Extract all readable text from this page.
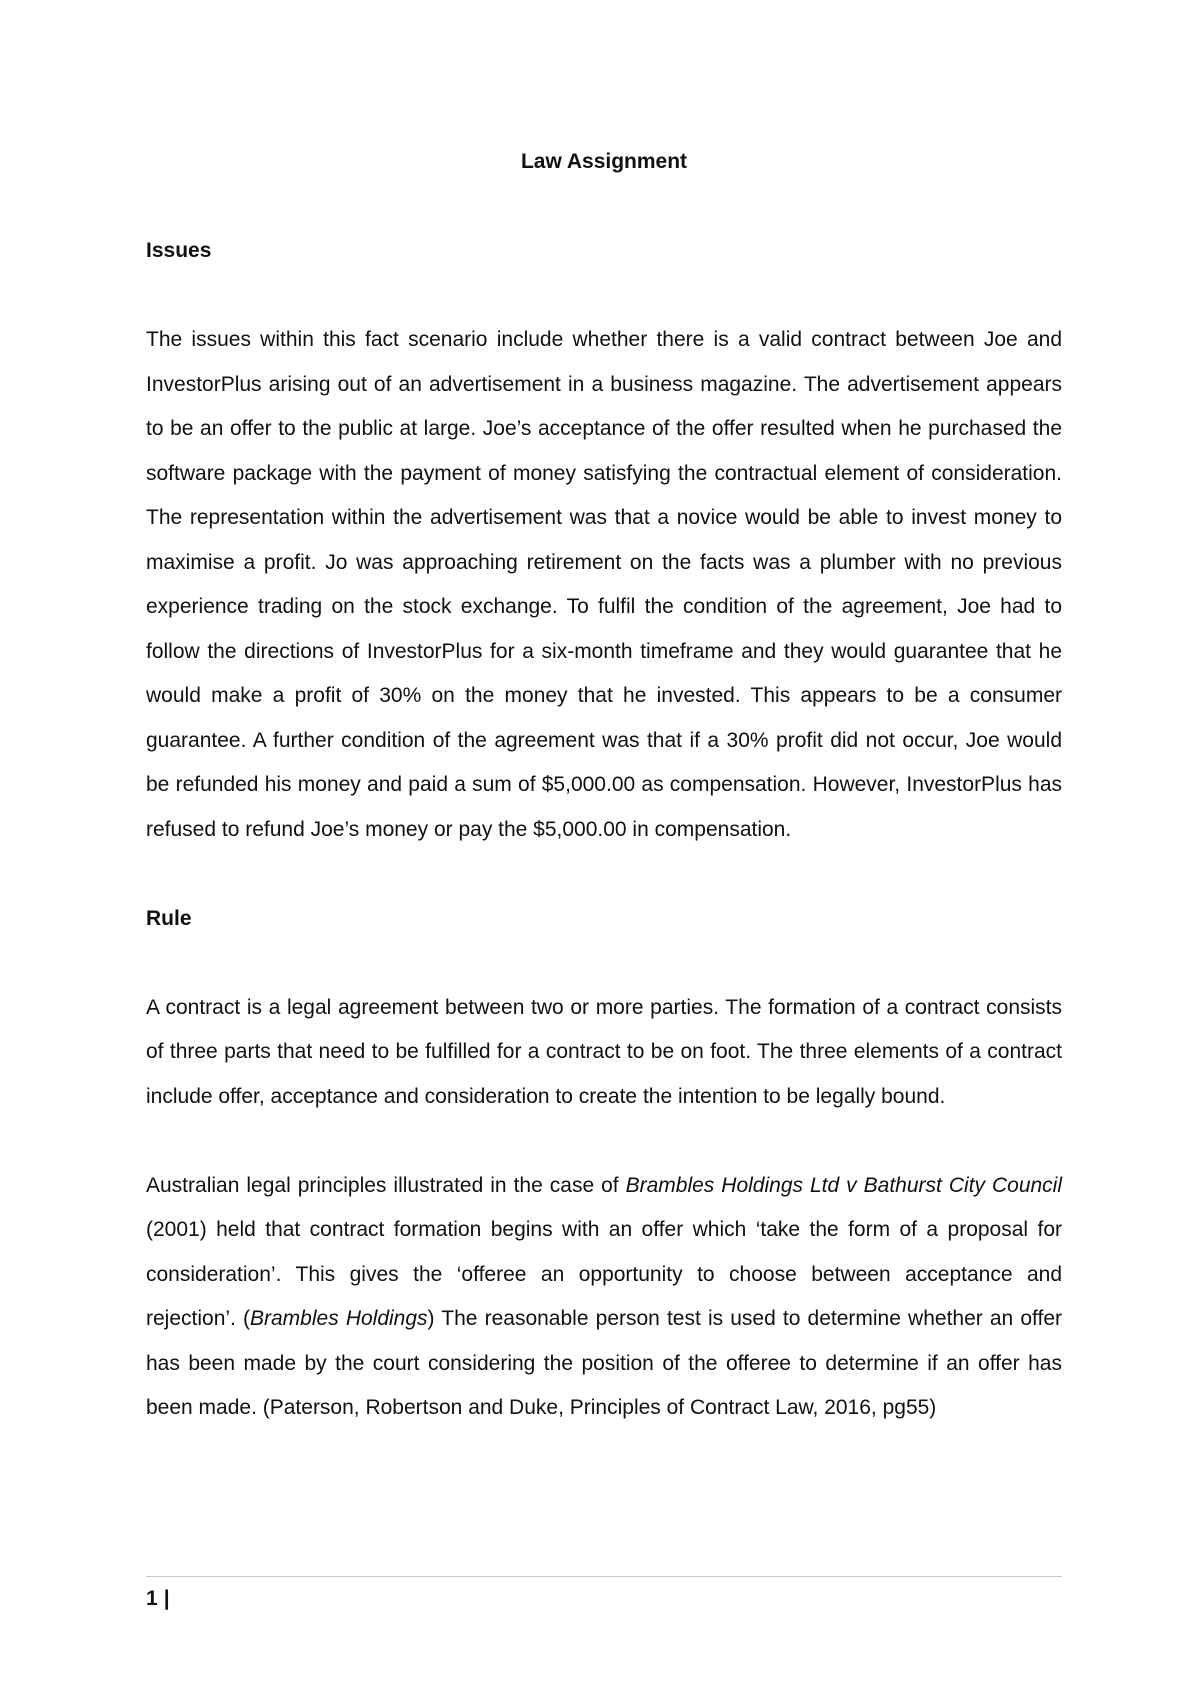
Law Assignment

Issues

The issues within this fact scenario include whether there is a valid contract between Joe and InvestorPlus arising out of an advertisement in a business magazine. The advertisement appears to be an offer to the public at large. Joe’s acceptance of the offer resulted when he purchased the software package with the payment of money satisfying the contractual element of consideration. The representation within the advertisement was that a novice would be able to invest money to maximise a profit. Jo was approaching retirement on the facts was a plumber with no previous experience trading on the stock exchange. To fulfil the condition of the agreement, Joe had to follow the directions of InvestorPlus for a six-month timeframe and they would guarantee that he would make a profit of 30% on the money that he invested. This appears to be a consumer guarantee. A further condition of the agreement was that if a 30% profit did not occur, Joe would be refunded his money and paid a sum of $5,000.00 as compensation. However, InvestorPlus has refused to refund Joe’s money or pay the $5,000.00 in compensation.

Rule

A contract is a legal agreement between two or more parties. The formation of a contract consists of three parts that need to be fulfilled for a contract to be on foot. The three elements of a contract include offer, acceptance and consideration to create the intention to be legally bound.

Australian legal principles illustrated in the case of Brambles Holdings Ltd v Bathurst City Council (2001) held that contract formation begins with an offer which ‘take the form of a proposal for consideration’. This gives the ‘offeree an opportunity to choose between acceptance and rejection’. (Brambles Holdings) The reasonable person test is used to determine whether an offer has been made by the court considering the position of the offeree to determine if an offer has been made. (Paterson, Robertson and Duke, Principles of Contract Law, 2016, pg55)

1 |
